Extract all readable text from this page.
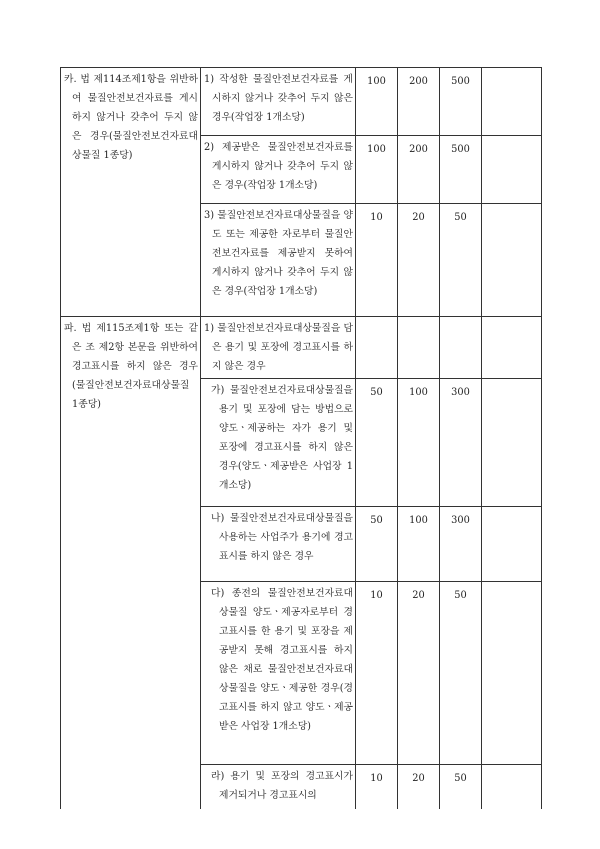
카. 법 제114조제1항을 위반하여 물질안전보건자료를 게시하지 않거나 갖추어 두지 않은 경우(물질안전보건자료대상물질 1종당)	1) 작성한 물질안전보건자료를 게시하지 않거나 갖추어 두지 않은 경우(작업장 1개소당)	100	200	500	

	2) 제공받은 물질안전보건자료를 게시하지 않거나 갖추어 두지 않은 경우(작업장 1개소당)	100	200	500	

	3) 물질안전보건자료대상물질을 양도 또는 제공한 자로부터 물질안전보건자료를 제공받지 못하여 게시하지 않거나 갖추어 두지 않은 경우(작업장 1개소당)	10	20	50	

파. 법 제115조제1항 또는 같은 조 제2항 본문을 위반하여 경고표시를 하지 않은 경우(물질안전보건자료대상물질 1종당)	1) 물질안전보건자료대상물질을 담은 용기 및 포장에 경고표시를 하지 않은 경우				

	가) 물질안전보건자료대상물질을 용기 및 포장에 담는 방법으로 양도ㆍ제공하는 자가 용기 및 포장에 경고표시를 하지 않은 경우(양도ㆍ제공받은 사업장 1개소당)	50	100	300	

	나) 물질안전보건자료대상물질을 사용하는 사업주가 용기에 경고표시를 하지 않은 경우	50	100	300	

	다) 종전의 물질안전보건자료대상물질 양도ㆍ제공자로부터 경고표시를 한 용기 및 포장을 제공받지 못해 경고표시를 하지 않은 채로 물질안전보건자료대상물질을 양도ㆍ제공한 경우(경고표시를 하지 않고 양도ㆍ제공받은 사업장 1개소당)	10	20	50	

	라) 용기 및 포장의 경고표시가 제거되거나 경고표시의	10	20	50	
